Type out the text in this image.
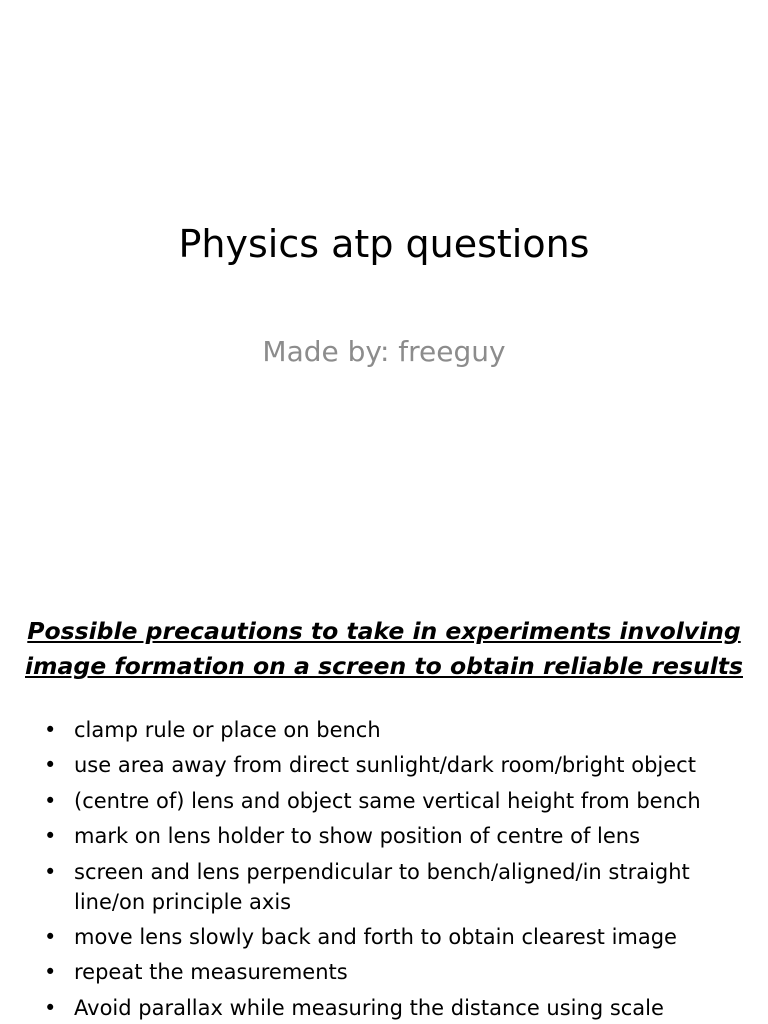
Physics atp questions

Made by: freeguy

Possible precautions to take in experiments involving
image formation on a screen to obtain reliable results
• clamp rule or place on bench
• use area away from direct sunlight/dark room/bright object
• (centre of) lens and object same vertical height from bench
• mark on lens holder to show position of centre of lens
• screen and lens perpendicular to bench/aligned/in straight line/on principle axis
• move lens slowly back and forth to obtain clearest image
• repeat the measurements
• Avoid parallax while measuring the distance using scale
